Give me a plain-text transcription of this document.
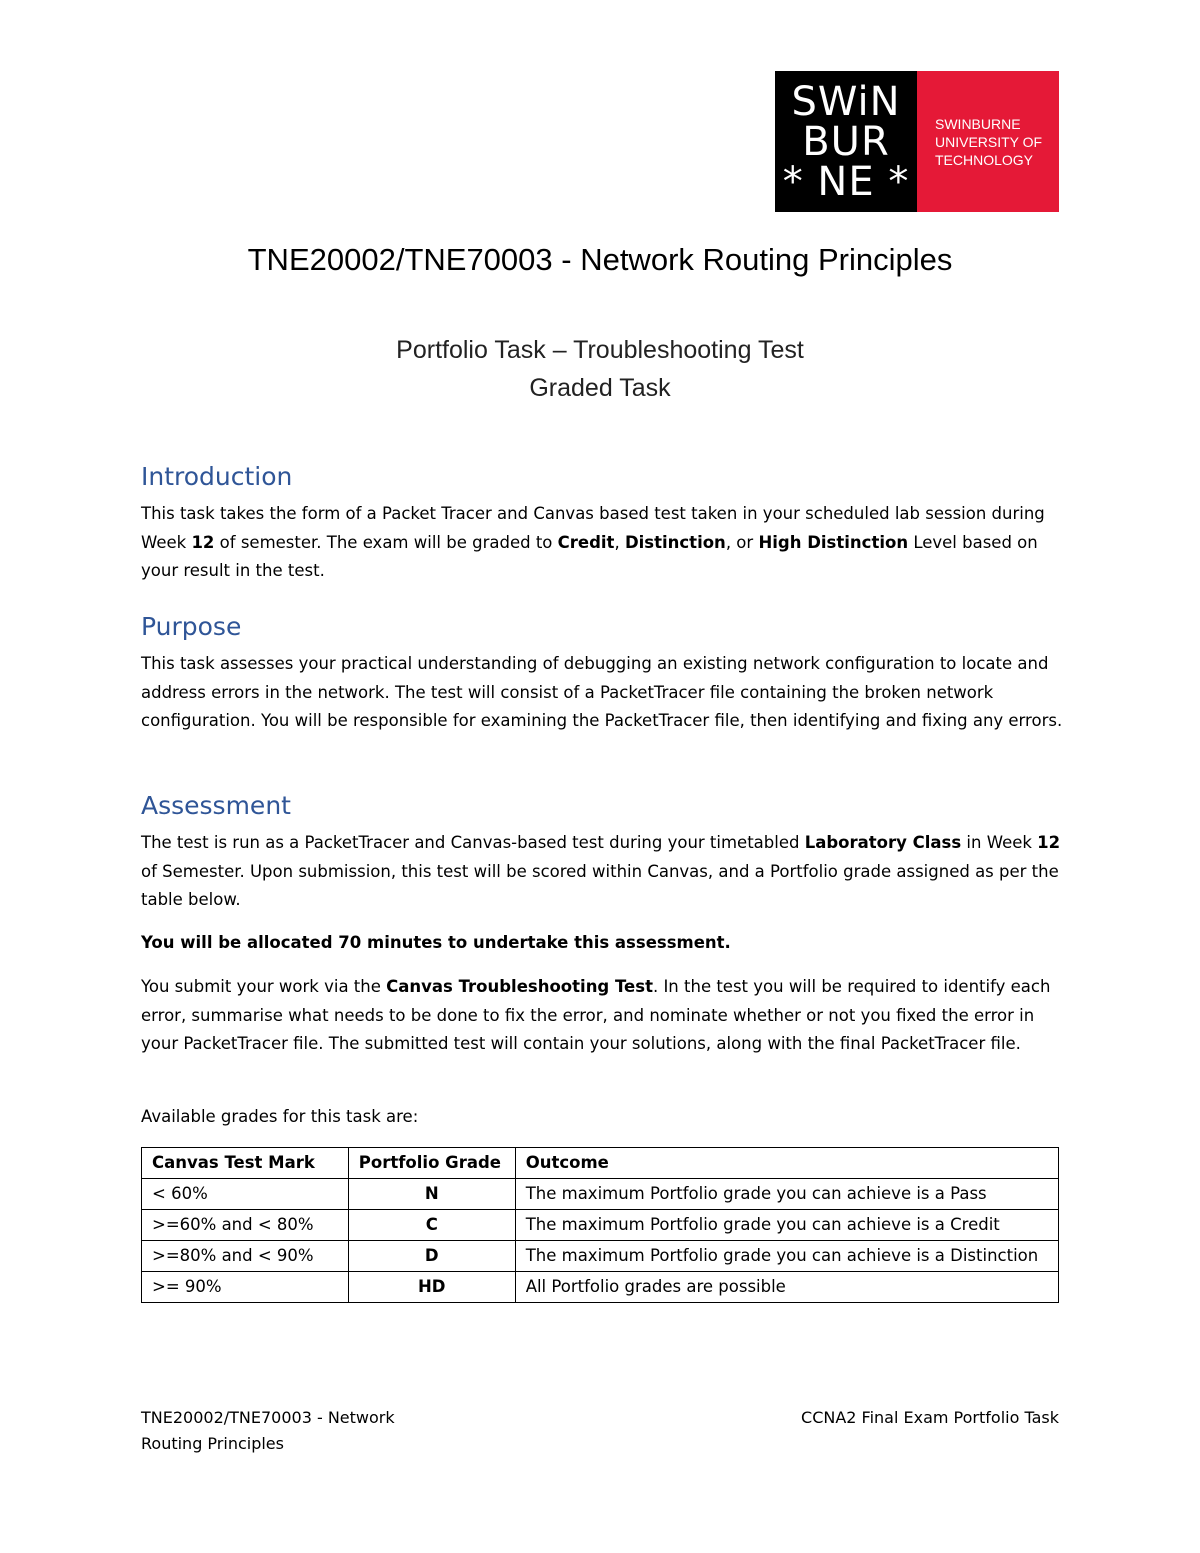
SWiN
BUR
* NE *
SWINBURNE
UNIVERSITY OF
TECHNOLOGY
TNE20002/TNE70003 - Network Routing Principles
Portfolio Task – Troubleshooting Test
Graded Task
Introduction
This task takes the form of a Packet Tracer and Canvas based test taken in your scheduled lab session during Week 12 of semester. The exam will be graded to Credit, Distinction, or High Distinction Level based on your result in the test.
Purpose
This task assesses your practical understanding of debugging an existing network configuration to locate and address errors in the network. The test will consist of a PacketTracer file containing the broken network configuration. You will be responsible for examining the PacketTracer file, then identifying and fixing any errors.
Assessment
The test is run as a PacketTracer and Canvas-based test during your timetabled Laboratory Class in Week 12 of Semester. Upon submission, this test will be scored within Canvas, and a Portfolio grade assigned as per the table below.
You will be allocated 70 minutes to undertake this assessment.
You submit your work via the Canvas Troubleshooting Test. In the test you will be required to identify each error, summarise what needs to be done to fix the error, and nominate whether or not you fixed the error in your PacketTracer file. The submitted test will contain your solutions, along with the final PacketTracer file.
Available grades for this task are:
Canvas Test Mark	Portfolio Grade	Outcome
< 60%	N	The maximum Portfolio grade you can achieve is a Pass
>=60% and < 80%	C	The maximum Portfolio grade you can achieve is a Credit
>=80% and < 90%	D	The maximum Portfolio grade you can achieve is a Distinction
>= 90%	HD	All Portfolio grades are possible
TNE20002/TNE70003 - Network Routing Principles
CCNA2 Final Exam Portfolio Task
